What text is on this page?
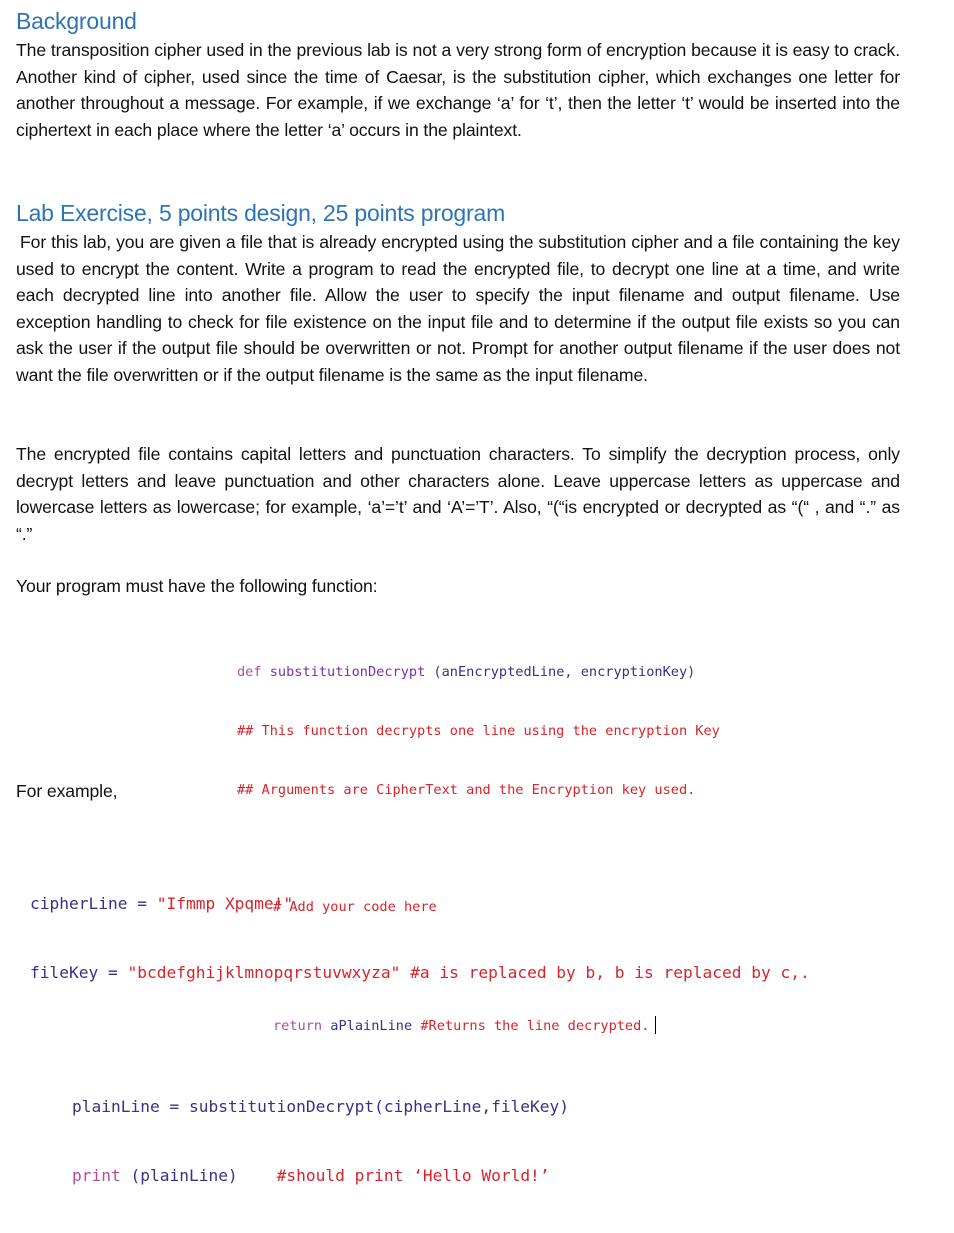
Background

The transposition cipher used in the previous lab is not a very strong form of encryption because it is easy to crack. Another kind of cipher, used since the time of Caesar, is the substitution cipher, which exchanges one letter for another throughout a message. For example, if we exchange ‘a’ for ‘t’, then the letter ‘t’ would be inserted into the ciphertext in each place where the letter ‘a’ occurs in the plaintext.

Lab Exercise, 5 points design, 25 points program

For this lab, you are given a file that is already encrypted using the substitution cipher and a file containing the key used to encrypt the content. Write a program to read the encrypted file, to decrypt one line at a time, and write each decrypted line into another file. Allow the user to specify the input filename and output filename. Use exception handling to check for file existence on the input file and to determine if the output file exists so you can ask the user if the output file should be overwritten or not. Prompt for another output filename if the user does not want the file overwritten or if the output filename is the same as the input filename.

The encrypted file contains capital letters and punctuation characters. To simplify the decryption process, only decrypt letters and leave punctuation and other characters alone. Leave uppercase letters as uppercase and lowercase letters as lowercase; for example, ‘a’=’t’ and ‘A’=’T’. Also, “(“is encrypted or decrypted as “(“ , and “.” as “.”

Your program must have the following function:

def substitutionDecrypt (anEncryptedLine, encryptionKey)

## This function decrypts one line using the encryption Key

## Arguments are CipherText and the Encryption key used.

# Add your code here

return aPlainLine #Returns the line decrypted.

For example,

cipherLine = "Ifmmp Xpqme!"

fileKey = "bcdefghijklmnopqrstuvwxyza" #a is replaced by b, b is replaced by c,.

plainLine = substitutionDecrypt(cipherLine,fileKey)

print (plainLine) #should print ‘Hello World!’
